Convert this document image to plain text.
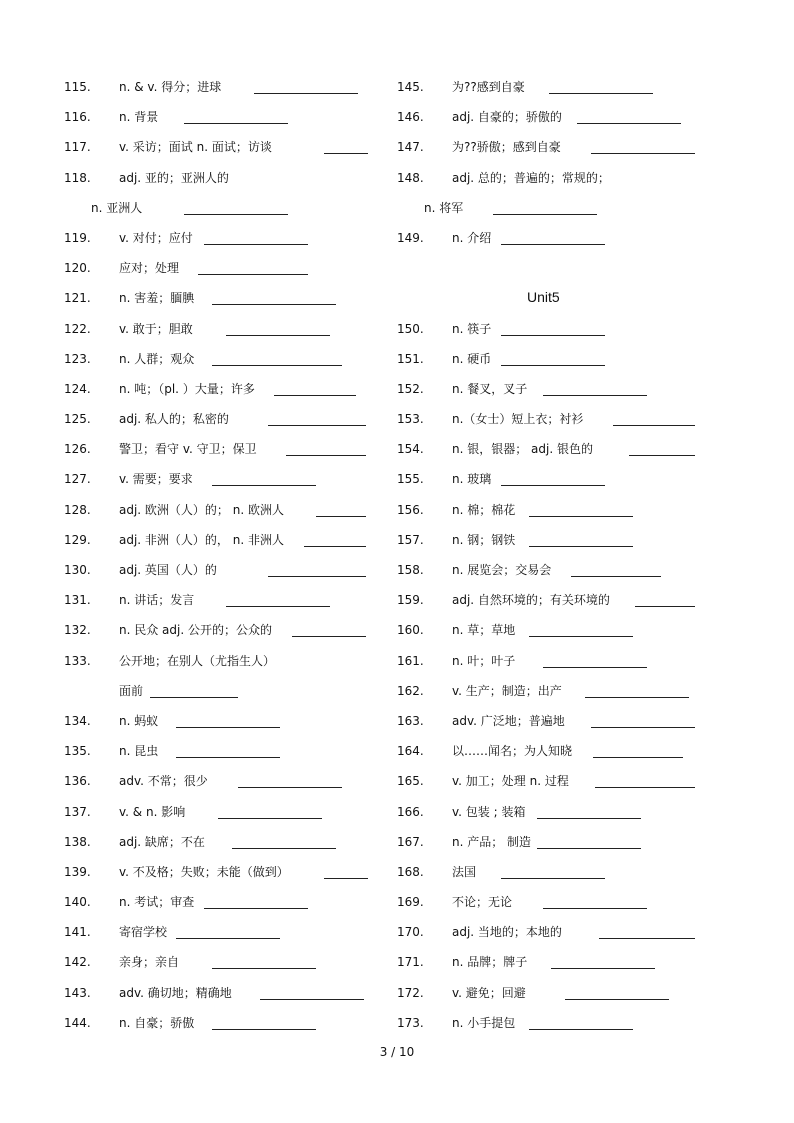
115. n. & v. 得分；进球
116. n. 背景
117. v. 采访；面试 n. 面试；访谈
118. adj. 亚的；亚洲人的
n. 亚洲人
119. v. 对付；应付
120. 应对；处理
121. n. 害羞；腼腆
122. v. 敢于；胆敢
123. n. 人群；观众
124. n. 吨；（pl. ）大量；许多
125. adj. 私人的；私密的
126. 警卫；看守 v. 守卫；保卫
127. v. 需要；要求
128. adj. 欧洲（人）的； n. 欧洲人
129. adj. 非洲（人）的， n. 非洲人
130. adj. 英国（人）的
131. n. 讲话；发言
132. n. 民众 adj. 公开的；公众的
133. 公开地；在别人（尤指生人）
面前
134. n. 蚂蚁
135. n. 昆虫
136. adv. 不常；很少
137. v. & n. 影响
138. adj. 缺席；不在
139. v. 不及格；失败；未能（做到）
140. n. 考试；审查
141. 寄宿学校
142. 亲身；亲自
143. adv. 确切地；精确地
144. n. 自豪；骄傲
145. 为??感到自豪
146. adj. 自豪的；骄傲的
147. 为??骄傲；感到自豪
148. adj. 总的；普遍的；常规的；
n. 将军
149. n. 介绍
Unit5
150. n. 筷子
151. n. 硬币
152. n. 餐叉，叉子
153. n.（女士）短上衣；衬衫
154. n. 银，银器； adj. 银色的
155. n. 玻璃
156. n. 棉；棉花
157. n. 钢；钢铁
158. n. 展览会；交易会
159. adj. 自然环境的；有关环境的
160. n. 草；草地
161. n. 叶；叶子
162. v. 生产；制造；出产
163. adv. 广泛地；普遍地
164. 以……闻名；为人知晓
165. v. 加工；处理 n. 过程
166. v. 包装 ; 装箱
167. n. 产品； 制造
168. 法国
169. 不论；无论
170. adj. 当地的；本地的
171. n. 品牌；牌子
172. v. 避免；回避
173. n. 小手提包
3 / 10
